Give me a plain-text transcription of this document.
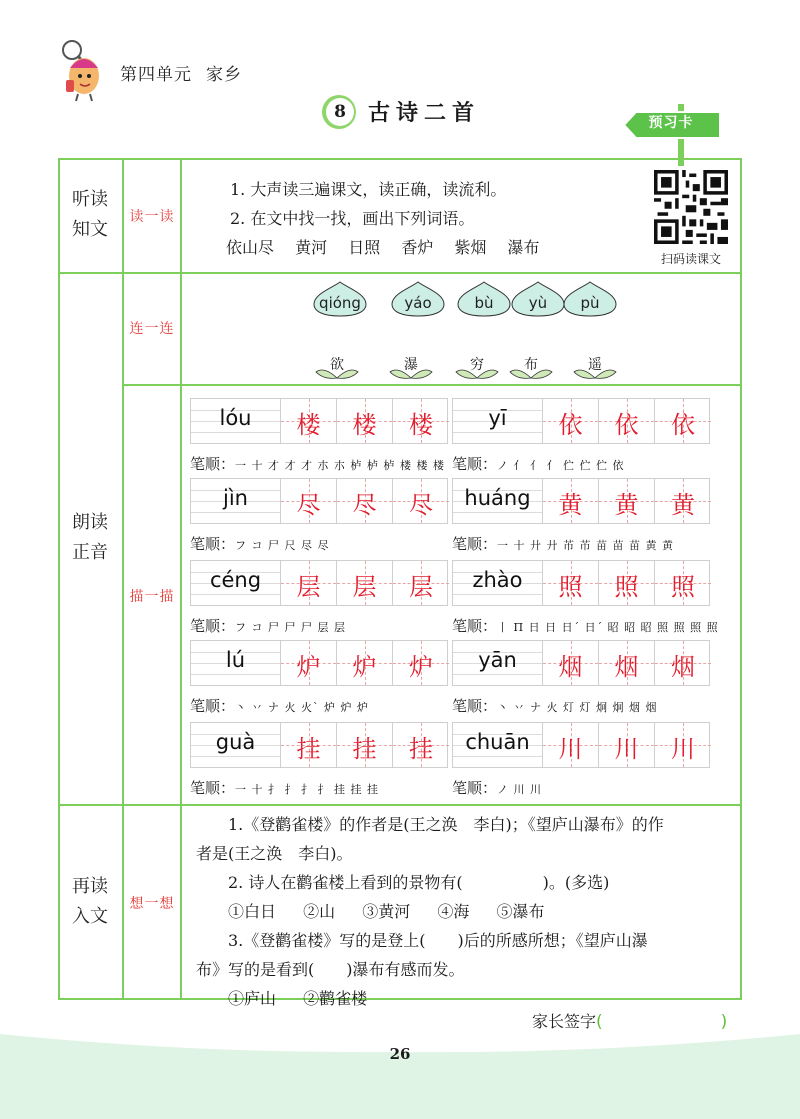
第四单元 家乡
8	古诗二首	预习卡
听读
知文
读一读
朗读
正音
连一连
描一描
再读
入文
想一想
1. 大声读三遍课文，读正确，读流利。
2. 在文中找一找，画出下列词语。
依山尽 黄河 日照 香炉 紫烟 瀑布
扫码读课文
qióng	yáo	bù	yù	pù
欲	瀑	穷	布	遥
lóu	楼	楼	楼
笔顺：一 十 才 才 才 朩 朩 栌 栌 栌 楼 楼 楼
yī	依	依	依
笔顺：ノ 亻 亻 亻 伫 伫 伫 依
jìn	尽	尽	尽
笔顺：フ コ 尸 尺 尽 尽
huáng	黄	黄	黄
笔顺：一 十 廾 廾 芇 芇 苗 苗 苗 黄 黄
céng	层	层	层
笔顺：フ コ 尸 尸 尸 层 层
zhào	照	照	照
笔顺：丨 П 日 日 日ˊ 日ˊ 昭 昭 昭 照 照 照 照
lú	炉	炉	炉
笔顺：丶 丷 ナ 火 火ˋ 炉 炉 炉
yān	烟	烟	烟
笔顺：丶 丷 ナ 火 灯 灯 炯 炯 烟 烟
guà	挂	挂	挂
笔顺：一 十 扌 扌 扌 扌 挂 挂 挂
chuān	川	川	川
笔顺：ノ 川 川
1.《登鹳雀楼》的作者是(王之涣　李白)；《望庐山瀑布》的作
者是(王之涣　李白)。
2. 诗人在鹳雀楼上看到的景物有(　　　　　)。(多选)
①白日 ②山 ③黄河 ④海 ⑤瀑布
3.《登鹳雀楼》写的是登上(　　)后的所感所想；《望庐山瀑
布》写的是看到(　　)瀑布有感而发。
①庐山 ②鹳雀楼
家长签字(	)
26
